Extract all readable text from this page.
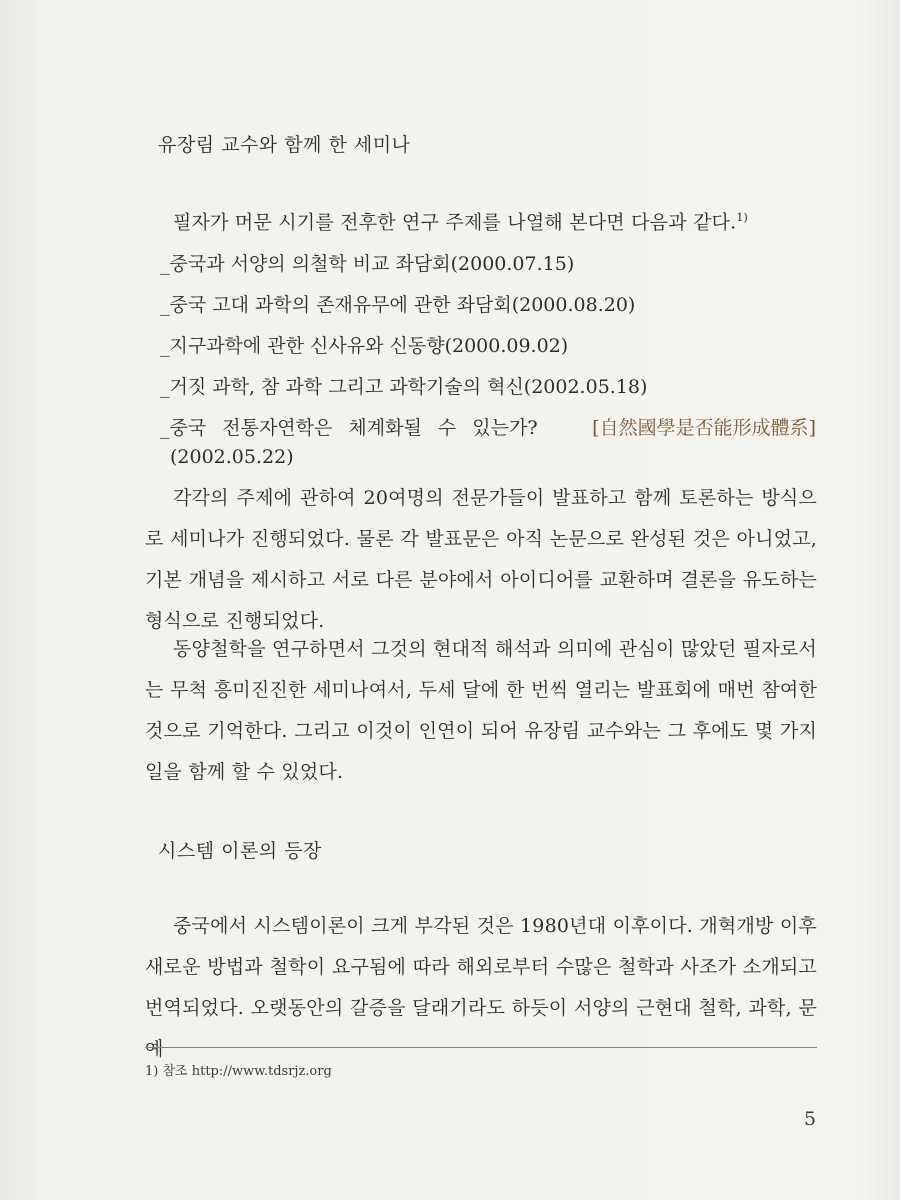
유장림 교수와 함께 한 세미나
필자가 머문 시기를 전후한 연구 주제를 나열해 본다면 다음과 같다.$^{1)}$
_중국과 서양의 의철학 비교 좌담회(2000.07.15)
_중국 고대 과학의 존재유무에 관한 좌담회(2000.08.20)
_지구과학에 관한 신사유와 신동향(2000.09.02)
_거짓 과학, 참 과학 그리고 과학기술의 혁신(2002.05.18)
_중국 전통자연학은 체계화될 수 있는가?	[自然國學是否能形成體系]
(2002.05.22)
각각의 주제에 관하여 20여명의 전문가들이 발표하고 함께 토론하는 방식으로 세미나가 진행되었다. 물론 각 발표문은 아직 논문으로 완성된 것은 아니었고, 기본 개념을 제시하고 서로 다른 분야에서 아이디어를 교환하며 결론을 유도하는 형식으로 진행되었다.
동양철학을 연구하면서 그것의 현대적 해석과 의미에 관심이 많았던 필자로서는 무척 흥미진진한 세미나여서, 두세 달에 한 번씩 열리는 발표회에 매번 참여한 것으로 기억한다. 그리고 이것이 인연이 되어 유장림 교수와는 그 후에도 몇 가지 일을 함께 할 수 있었다.
시스템 이론의 등장
중국에서 시스템이론이 크게 부각된 것은 1980년대 이후이다. 개혁개방 이후 새로운 방법과 철학이 요구됨에 따라 해외로부터 수많은 철학과 사조가 소개되고 번역되었다. 오랫동안의 갈증을 달래기라도 하듯이 서양의 근현대 철학, 과학, 문예
1) 참조 http://www.tdsrjz.org
5
